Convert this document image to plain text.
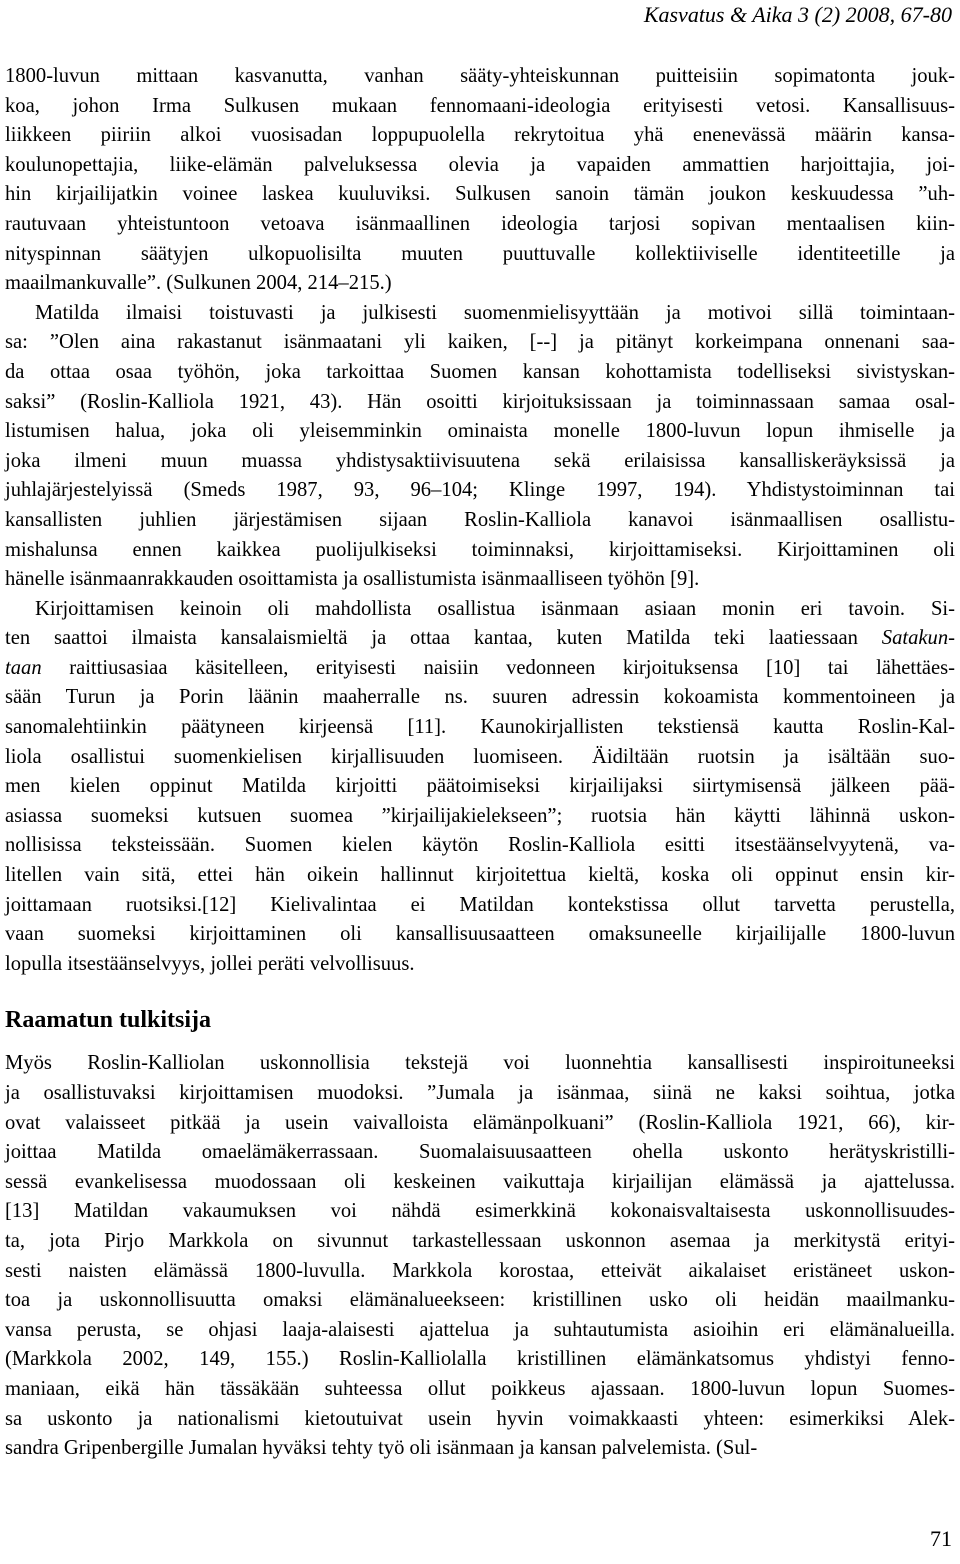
Kasvatus & Aika 3 (2) 2008, 67-80
1800-luvun mittaan kasvanutta, vanhan sääty-yhteiskunnan puitteisiin sopimatonta jouk-
koa, johon Irma Sulkusen mukaan fennomaani-ideologia erityisesti vetosi. Kansallisuus-
liikkeen piiriin alkoi vuosisadan loppupuolella rekrytoitua yhä enenevässä määrin kansa-
koulunopettajia, liike-elämän palveluksessa olevia ja vapaiden ammattien harjoittajia, joi-
hin kirjailijatkin voinee laskea kuuluviksi. Sulkusen sanoin tämän joukon keskuudessa ”uh-
rautuvaan yhteistuntoon vetoava isänmaallinen ideologia tarjosi sopivan mentaalisen kiin-
nityspinnan säätyjen ulkopuolisilta muuten puuttuvalle kollektiiviselle identiteetille ja
maailmankuvalle”. (Sulkunen 2004, 214–215.)
Matilda ilmaisi toistuvasti ja julkisesti suomenmielisyyttään ja motivoi sillä toimintaan-
sa: ”Olen aina rakastanut isänmaatani yli kaiken, [--] ja pitänyt korkeimpana onnenani saa-
da ottaa osaa työhön, joka tarkoittaa Suomen kansan kohottamista todelliseksi sivistyskan-
saksi” (Roslin-Kalliola 1921, 43). Hän osoitti kirjoituksissaan ja toiminnassaan samaa osal-
listumisen halua, joka oli yleisemminkin ominaista monelle 1800-luvun lopun ihmiselle ja
joka ilmeni muun muassa yhdistysaktiivisuutena sekä erilaisissa kansalliskeräyksissä ja
juhlajärjestelyissä (Smeds 1987, 93, 96–104; Klinge 1997, 194). Yhdistystoiminnan tai
kansallisten juhlien järjestämisen sijaan Roslin-Kalliola kanavoi isänmaallisen osallistu-
mishalunsa ennen kaikkea puolijulkiseksi toiminnaksi, kirjoittamiseksi. Kirjoittaminen oli
hänelle isänmaanrakkauden osoittamista ja osallistumista isänmaalliseen työhön [9].
Kirjoittamisen keinoin oli mahdollista osallistua isänmaan asiaan monin eri tavoin. Si-
ten saattoi ilmaista kansalaismieltä ja ottaa kantaa, kuten Matilda teki laatiessaan Satakun-
taan raittiusasiaa käsitelleen, erityisesti naisiin vedonneen kirjoituksensa [10] tai lähettäes-
sään Turun ja Porin läänin maaherralle ns. suuren adressin kokoamista kommentoineen ja
sanomalehtiinkin päätyneen kirjeensä [11]. Kaunokirjallisten tekstiensä kautta Roslin-Kal-
liola osallistui suomenkielisen kirjallisuuden luomiseen. Äidiltään ruotsin ja isältään suo-
men kielen oppinut Matilda kirjoitti päätoimiseksi kirjailijaksi siirtymisensä jälkeen pää-
asiassa suomeksi kutsuen suomea ”kirjailijakielekseen”; ruotsia hän käytti lähinnä uskon-
nollisissa teksteissään. Suomen kielen käytön Roslin-Kalliola esitti itsestäänselvyytenä, va-
litellen vain sitä, ettei hän oikein hallinnut kirjoitettua kieltä, koska oli oppinut ensin kir-
joittamaan ruotsiksi.[12] Kielivalintaa ei Matildan kontekstissa ollut tarvetta perustella,
vaan suomeksi kirjoittaminen oli kansallisuusaatteen omaksuneelle kirjailijalle 1800-luvun
lopulla itsestäänselvyys, jollei peräti velvollisuus.
Raamatun tulkitsija
Myös Roslin-Kalliolan uskonnollisia tekstejä voi luonnehtia kansallisesti inspiroituneeksi
ja osallistuvaksi kirjoittamisen muodoksi. ”Jumala ja isänmaa, siinä ne kaksi soihtua, jotka
ovat valaisseet pitkää ja usein vaivalloista elämänpolkuani” (Roslin-Kalliola 1921, 66), kir-
joittaa Matilda omaelämäkerrassaan. Suomalaisuusaatteen ohella uskonto herätyskristilli-
sessä evankelisessa muodossaan oli keskeinen vaikuttaja kirjailijan elämässä ja ajattelussa.
[13] Matildan vakaumuksen voi nähdä esimerkkinä kokonaisvaltaisesta uskonnollisuudes-
ta, jota Pirjo Markkola on sivunnut tarkastellessaan uskonnon asemaa ja merkitystä erityi-
sesti naisten elämässä 1800-luvulla. Markkola korostaa, etteivät aikalaiset eristäneet uskon-
toa ja uskonnollisuutta omaksi elämänalueekseen: kristillinen usko oli heidän maailmanku-
vansa perusta, se ohjasi laaja-alaisesti ajattelua ja suhtautumista asioihin eri elämänalueilla.
(Markkola 2002, 149, 155.) Roslin-Kalliolalla kristillinen elämänkatsomus yhdistyi fenno-
maniaan, eikä hän tässäkään suhteessa ollut poikkeus ajassaan. 1800-luvun lopun Suomes-
sa uskonto ja nationalismi kietoutuivat usein hyvin voimakkaasti yhteen: esimerkiksi Alek-
sandra Gripenbergille Jumalan hyväksi tehty työ oli isänmaan ja kansan palvelemista. (Sul-
71
